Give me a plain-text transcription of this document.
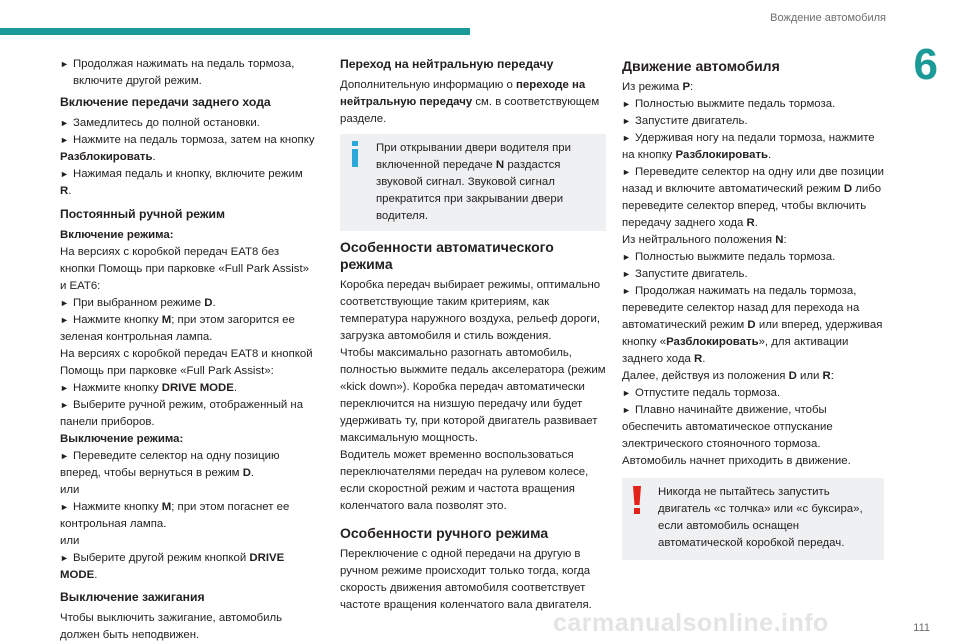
Вождение автомобиля
6

► Продолжая нажимать на педаль тормоза,
включите другой режим.

Включение передачи заднего хода

► Замедлитесь до полной остановки.

► Нажмите на педаль тормоза, затем на кнопку Разблокировать.

► Нажимая педаль и кнопку, включите режим R.

Постоянный ручной режим

Включение режима:

На версиях с коробкой передач EAT8 без кнопки Помощь при парковке «Full Park Assist» и EAT6:

► При выбранном режиме D.

► Нажмите кнопку M; при этом загорится ее зеленая контрольная лампа.

На версиях с коробкой передач EAT8 и кнопкой Помощь при парковке «Full Park Assist»:

► Нажмите кнопку DRIVE MODE.

► Выберите ручной режим, отображенный на панели приборов.

Выключение режима:

► Переведите селектор на одну позицию вперед, чтобы вернуться в режим D.

или

► Нажмите кнопку M; при этом погаснет ее контрольная лампа.

или

► Выберите другой режим кнопкой DRIVE MODE.

Выключение зажигания

Чтобы выключить зажигание, автомобиль должен быть неподвижен.

Переход на нейтральную передачу

Дополнительную информацию о переходе на нейтральную передачу см. в соответствующем разделе.

При открывании двери водителя при включенной передаче N раздастся звуковой сигнал. Звуковой сигнал прекратится при закрывании двери водителя.

Особенности автоматического режима

Коробка передач выбирает режимы, оптимально соответствующие таким критериям, как температура наружного воздуха, рельеф дороги, загрузка автомобиля и стиль вождения.

Чтобы максимально разогнать автомобиль, полностью выжмите педаль акселератора (режим «kick down»). Коробка передач автоматически переключится на низшую передачу или будет удерживать ту, при которой двигатель развивает максимальную мощность.

Водитель может временно воспользоваться переключателями передач на рулевом колесе, если скоростной режим и частота вращения коленчатого вала позволят это.

Особенности ручного режима

Переключение с одной передачи на другую в ручном режиме происходит только тогда, когда скорость движения автомобиля соответствует частоте вращения коленчатого вала двигателя.

Движение автомобиля

Из режима P:

► Полностью выжмите педаль тормоза.

► Запустите двигатель.

► Удерживая ногу на педали тормоза, нажмите на кнопку Разблокировать.

► Переведите селектор на одну или две позиции назад и включите автоматический режим D либо переведите селектор вперед, чтобы включить передачу заднего хода R.

Из нейтрального положения N:

► Полностью выжмите педаль тормоза.

► Запустите двигатель.

► Продолжая нажимать на педаль тормоза, переведите селектор назад для перехода на автоматический режим D или вперед, удерживая кнопку «Разблокировать», для активации заднего хода R.

Далее, действуя из положения D или R:

► Отпустите педаль тормоза.

► Плавно начинайте движение, чтобы обеспечить автоматическое отпускание электрического стояночного тормоза.

Автомобиль начнет приходить в движение.

Никогда не пытайтесь запустить двигатель «с толчка» или «с буксира», если автомобиль оснащен автоматической коробкой передач.

carmanualsonline.info	111
